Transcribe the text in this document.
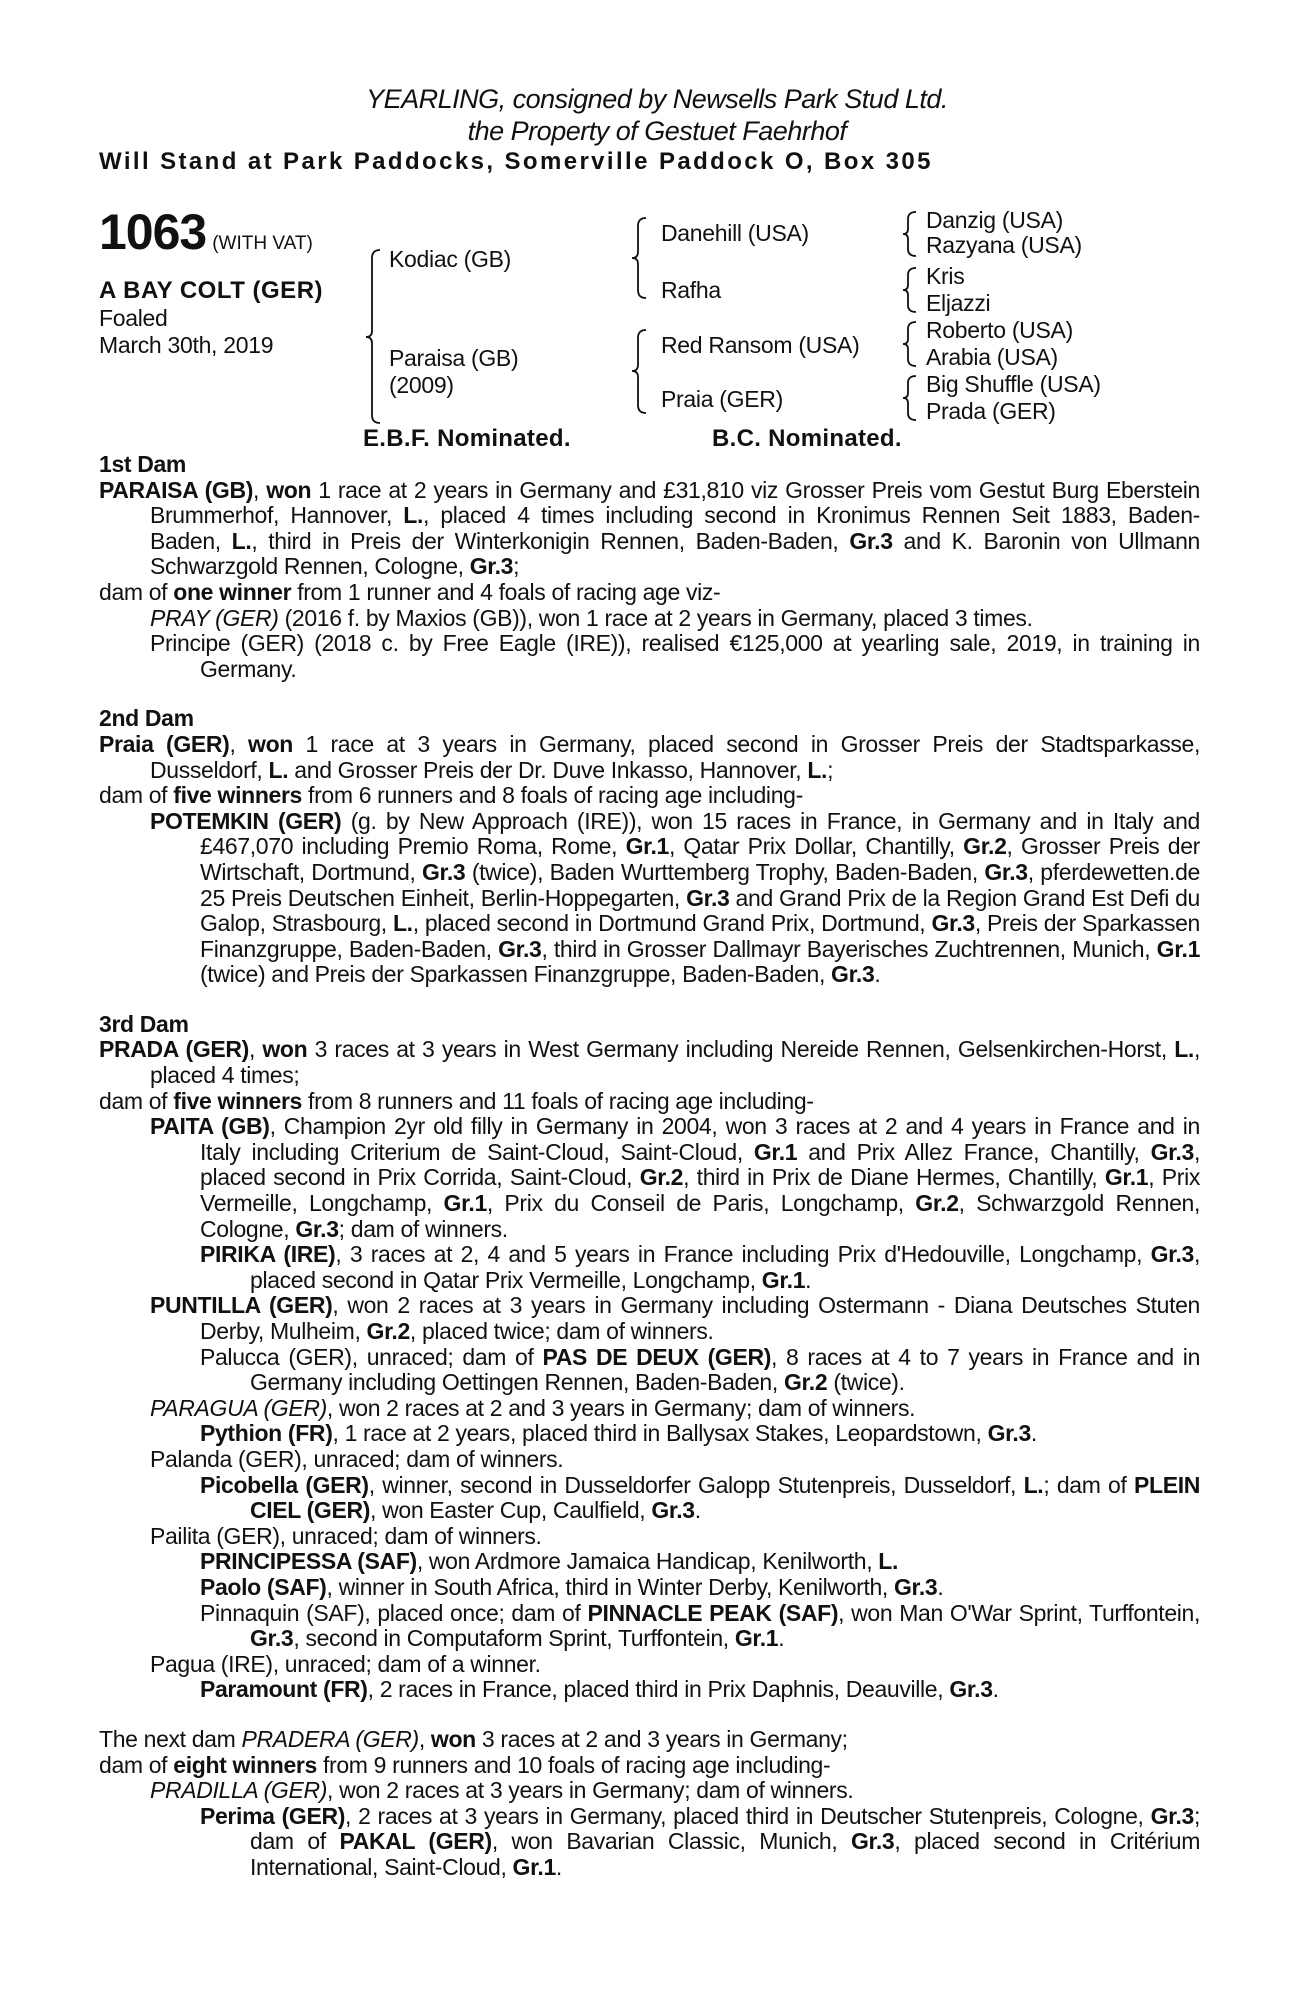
YEARLING, consigned by Newsells Park Stud Ltd.
the Property of Gestuet Faehrhof
Will Stand at Park Paddocks, Somerville Paddock O, Box 305
1063 (WITH VAT)
A BAY COLT (GER)
Foaled
March 30th, 2019
Kodiac (GB)
Paraisa (GB)
(2009)
Danehill (USA)
Rafha
Red Ransom (USA)
Praia (GER)
Danzig (USA)
Razyana (USA)
Kris
Eljazzi
Roberto (USA)
Arabia (USA)
Big Shuffle (USA)
Prada (GER)
E.B.F. Nominated.	B.C. Nominated.
1st Dam
PARAISA (GB), won 1 race at 2 years in Germany and £31,810 viz Grosser Preis vom Gestut Burg Eberstein Brummerhof, Hannover, L., placed 4 times including second in Kronimus Rennen Seit 1883, Baden-Baden, L., third in Preis der Winterkonigin Rennen, Baden-Baden, Gr.3 and K. Baronin von Ullmann Schwarzgold Rennen, Cologne, Gr.3;
dam of one winner from 1 runner and 4 foals of racing age viz-
PRAY (GER) (2016 f. by Maxios (GB)), won 1 race at 2 years in Germany, placed 3 times.
Principe (GER) (2018 c. by Free Eagle (IRE)), realised €125,000 at yearling sale, 2019, in training in Germany.
2nd Dam
Praia (GER), won 1 race at 3 years in Germany, placed second in Grosser Preis der Stadtsparkasse, Dusseldorf, L. and Grosser Preis der Dr. Duve Inkasso, Hannover, L.;
dam of five winners from 6 runners and 8 foals of racing age including-
POTEMKIN (GER) (g. by New Approach (IRE)), won 15 races in France, in Germany and in Italy and £467,070 including Premio Roma, Rome, Gr.1, Qatar Prix Dollar, Chantilly, Gr.2, Grosser Preis der Wirtschaft, Dortmund, Gr.3 (twice), Baden Wurttemberg Trophy, Baden-Baden, Gr.3, pferdewetten.de 25 Preis Deutschen Einheit, Berlin-Hoppegarten, Gr.3 and Grand Prix de la Region Grand Est Defi du Galop, Strasbourg, L., placed second in Dortmund Grand Prix, Dortmund, Gr.3, Preis der Sparkassen Finanzgruppe, Baden-Baden, Gr.3, third in Grosser Dallmayr Bayerisches Zuchtrennen, Munich, Gr.1 (twice) and Preis der Sparkassen Finanzgruppe, Baden-Baden, Gr.3.
3rd Dam
PRADA (GER), won 3 races at 3 years in West Germany including Nereide Rennen, Gelsenkirchen-Horst, L., placed 4 times;
dam of five winners from 8 runners and 11 foals of racing age including-
PAITA (GB), Champion 2yr old filly in Germany in 2004, won 3 races at 2 and 4 years in France and in Italy including Criterium de Saint-Cloud, Saint-Cloud, Gr.1 and Prix Allez France, Chantilly, Gr.3, placed second in Prix Corrida, Saint-Cloud, Gr.2, third in Prix de Diane Hermes, Chantilly, Gr.1, Prix Vermeille, Longchamp, Gr.1, Prix du Conseil de Paris, Longchamp, Gr.2, Schwarzgold Rennen, Cologne, Gr.3; dam of winners.
PIRIKA (IRE), 3 races at 2, 4 and 5 years in France including Prix d'Hedouville, Longchamp, Gr.3, placed second in Qatar Prix Vermeille, Longchamp, Gr.1.
PUNTILLA (GER), won 2 races at 3 years in Germany including Ostermann - Diana Deutsches Stuten Derby, Mulheim, Gr.2, placed twice; dam of winners.
Palucca (GER), unraced; dam of PAS DE DEUX (GER), 8 races at 4 to 7 years in France and in Germany including Oettingen Rennen, Baden-Baden, Gr.2 (twice).
PARAGUA (GER), won 2 races at 2 and 3 years in Germany; dam of winners.
Pythion (FR), 1 race at 2 years, placed third in Ballysax Stakes, Leopardstown, Gr.3.
Palanda (GER), unraced; dam of winners.
Picobella (GER), winner, second in Dusseldorfer Galopp Stutenpreis, Dusseldorf, L.; dam of PLEIN CIEL (GER), won Easter Cup, Caulfield, Gr.3.
Pailita (GER), unraced; dam of winners.
PRINCIPESSA (SAF), won Ardmore Jamaica Handicap, Kenilworth, L.
Paolo (SAF), winner in South Africa, third in Winter Derby, Kenilworth, Gr.3.
Pinnaquin (SAF), placed once; dam of PINNACLE PEAK (SAF), won Man O'War Sprint, Turffontein, Gr.3, second in Computaform Sprint, Turffontein, Gr.1.
Pagua (IRE), unraced; dam of a winner.
Paramount (FR), 2 races in France, placed third in Prix Daphnis, Deauville, Gr.3.
The next dam PRADERA (GER), won 3 races at 2 and 3 years in Germany;
dam of eight winners from 9 runners and 10 foals of racing age including-
PRADILLA (GER), won 2 races at 3 years in Germany; dam of winners.
Perima (GER), 2 races at 3 years in Germany, placed third in Deutscher Stutenpreis, Cologne, Gr.3; dam of PAKAL (GER), won Bavarian Classic, Munich, Gr.3, placed second in Critérium International, Saint-Cloud, Gr.1.
